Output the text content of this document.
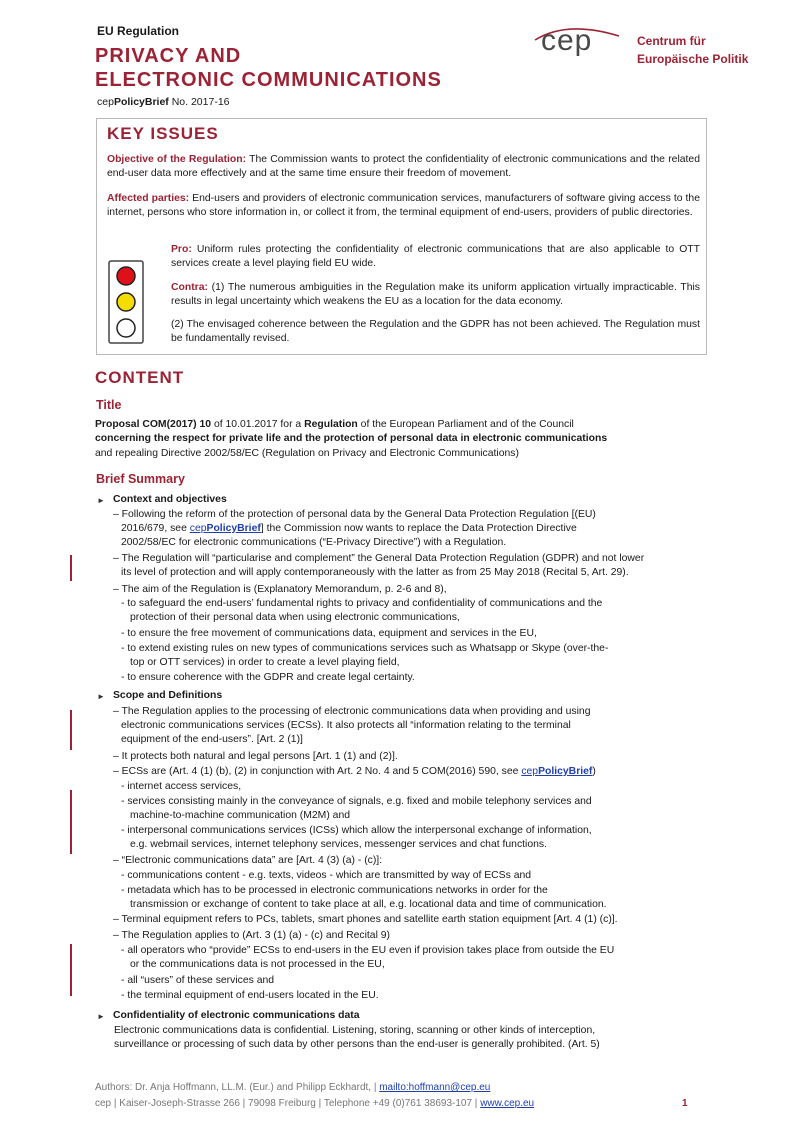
EU Regulation
PRIVACY AND
ELECTRONIC COMMUNICATIONS
cepPolicyBrief No. 2017-16
cep	Centrum für
Europäische Politik
KEY ISSUES
Objective of the Regulation: The Commission wants to protect the confidentiality of electronic communications and the related end-user data more effectively and at the same time ensure their freedom of movement.
Affected parties: End-users and providers of electronic communication services, manufacturers of software giving access to the internet, persons who store information in, or collect it from, the terminal equipment of end-users, providers of public directories.
Pro: Uniform rules protecting the confidentiality of electronic communications that are also applicable to OTT services create a level playing field EU wide.
Contra: (1) The numerous ambiguities in the Regulation make its uniform application virtually impracticable. This results in legal uncertainty which weakens the EU as a location for the data economy.
(2) The envisaged coherence between the Regulation and the GDPR has not been achieved. The Regulation must be fundamentally revised.
CONTENT
Title
Proposal COM(2017) 10 of 10.01.2017 for a Regulation of the European Parliament and of the Council
concerning the respect for private life and the protection of personal data in electronic communications
and repealing Directive 2002/58/EC (Regulation on Privacy and Electronic Communications)
Brief Summary
► Context and objectives
– Following the reform of the protection of personal data by the General Data Protection Regulation [(EU)
2016/679, see cepPolicyBrief] the Commission now wants to replace the Data Protection Directive
2002/58/EC for electronic communications (“E-Privacy Directive”) with a Regulation.
– The Regulation will “particularise and complement” the General Data Protection Regulation (GDPR) and not lower
its level of protection and will apply contemporaneously with the latter as from 25 May 2018 (Recital 5, Art. 29).
– The aim of the Regulation is (Explanatory Memorandum, p. 2-6 and 8),
- to safeguard the end-users’ fundamental rights to privacy and confidentiality of communications and the
protection of their personal data when using electronic communications,
- to ensure the free movement of communications data, equipment and services in the EU,
- to extend existing rules on new types of communications services such as Whatsapp or Skype (over-the-
top or OTT services) in order to create a level playing field,
- to ensure coherence with the GDPR and create legal certainty.
► Scope and Definitions
– The Regulation applies to the processing of electronic communications data when providing and using
electronic communications services (ECSs). It also protects all “information relating to the terminal
equipment of the end-users”. [Art. 2 (1)]
– It protects both natural and legal persons [Art. 1 (1) and (2)].
– ECSs are (Art. 4 (1) (b), (2) in conjunction with Art. 2 No. 4 and 5 COM(2016) 590, see cepPolicyBrief)
- internet access services,
- services consisting mainly in the conveyance of signals, e.g. fixed and mobile telephony services and
machine-to-machine communication (M2M) and
- interpersonal communications services (ICSs) which allow the interpersonal exchange of information,
e.g. webmail services, internet telephony services, messenger services and chat functions.
– “Electronic communications data” are [Art. 4 (3) (a) - (c)]:
- communications content - e.g. texts, videos - which are transmitted by way of ECSs and
- metadata which has to be processed in electronic communications networks in order for the
transmission or exchange of content to take place at all, e.g. locational data and time of communication.
– Terminal equipment refers to PCs, tablets, smart phones and satellite earth station equipment [Art. 4 (1) (c)].
– The Regulation applies to (Art. 3 (1) (a) - (c) and Recital 9)
- all operators who “provide” ECSs to end-users in the EU even if provision takes place from outside the EU
or the communications data is not processed in the EU,
- all “users” of these services and
- the terminal equipment of end-users located in the EU.
► Confidentiality of electronic communications data
Electronic communications data is confidential. Listening, storing, scanning or other kinds of interception,
surveillance or processing of such data by other persons than the end-user is generally prohibited. (Art. 5)
Authors: Dr. Anja Hoffmann, LL.M. (Eur.) and Philipp Eckhardt, | mailto:hoffmann@cep.eu
cep | Kaiser-Joseph-Strasse 266 | 79098 Freiburg | Telephone +49 (0)761 38693-107 | www.cep.eu	1
